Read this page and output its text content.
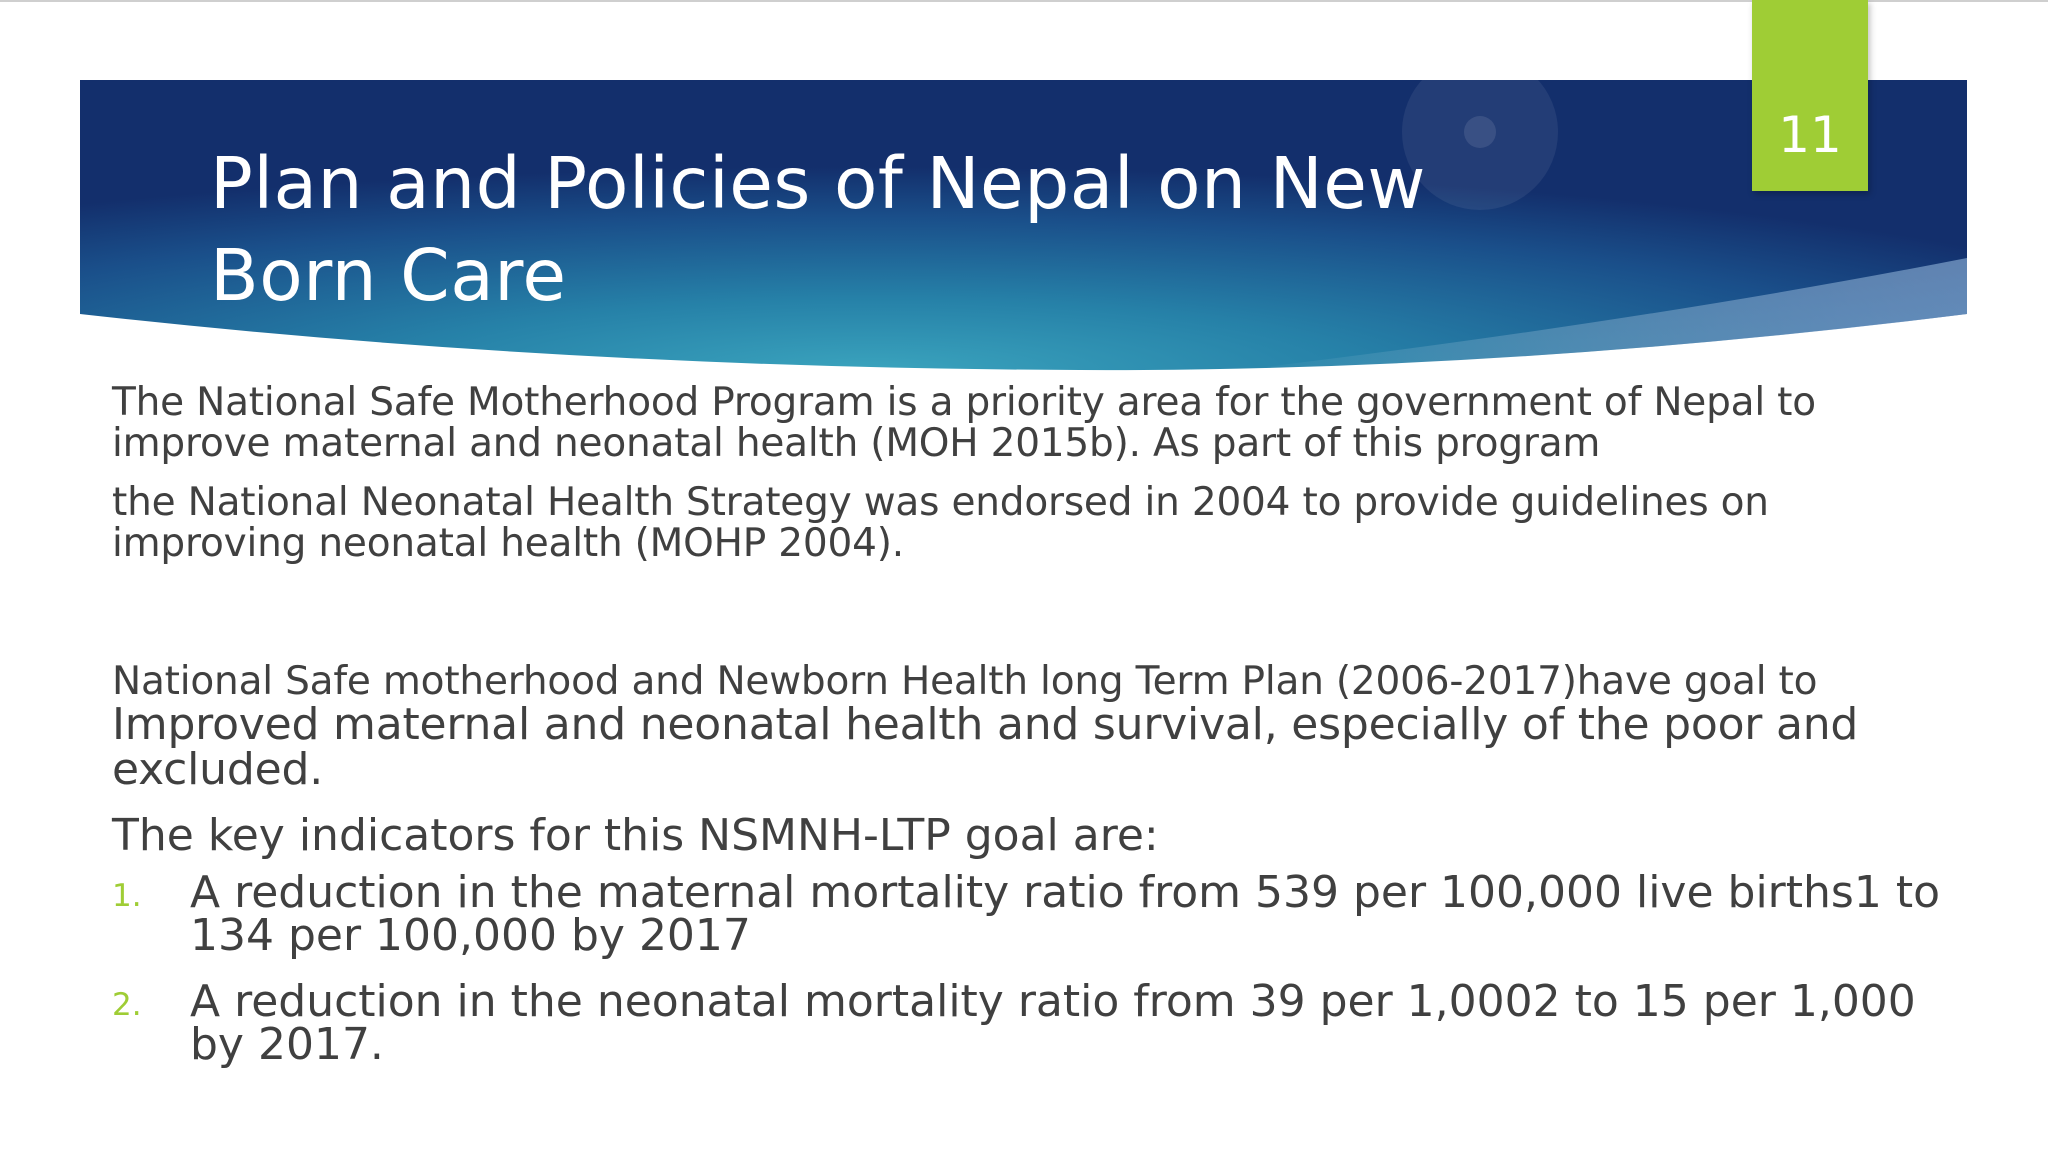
Plan and Policies of Nepal on New Born Care
11

The National Safe Motherhood Program is a priority area for the government of Nepal to improve maternal and neonatal health (MOH 2015b). As part of this program

the National Neonatal Health Strategy was endorsed in 2004 to provide guidelines on improving neonatal health (MOHP 2004).

National Safe motherhood and Newborn Health long Term Plan (2006-2017)have goal to Improved maternal and neonatal health and survival, especially of the poor and excluded.

The key indicators for this NSMNH-LTP goal are:

1. A reduction in the maternal mortality ratio from 539 per 100,000 live births1 to 134 per 100,000 by 2017
2. A reduction in the neonatal mortality ratio from 39 per 1,0002 to 15 per 1,000 by 2017.
